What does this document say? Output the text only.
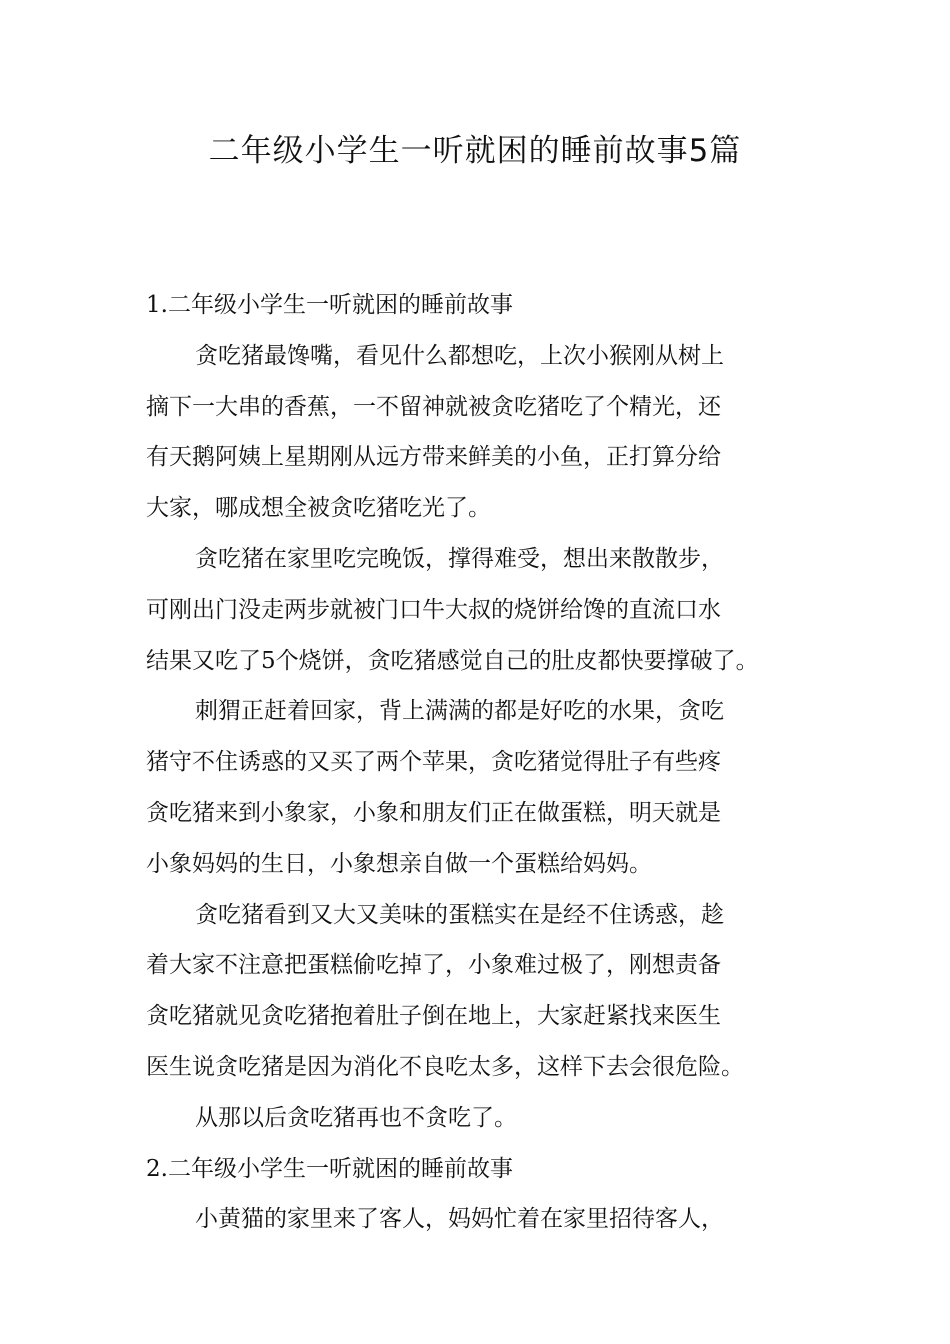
二年级小学生一听就困的睡前故事5篇
1.二年级小学生一听就困的睡前故事
贪吃猪最馋嘴，看见什么都想吃，上次小猴刚从树上
摘下一大串的香蕉，一不留神就被贪吃猪吃了个精光，还
有天鹅阿姨上星期刚从远方带来鲜美的小鱼，正打算分给
大家，哪成想全被贪吃猪吃光了。
贪吃猪在家里吃完晚饭，撑得难受，想出来散散步，
可刚出门没走两步就被门口牛大叔的烧饼给馋的直流口水
结果又吃了5个烧饼，贪吃猪感觉自己的肚皮都快要撑破了。
刺猬正赶着回家，背上满满的都是好吃的水果，贪吃
猪守不住诱惑的又买了两个苹果，贪吃猪觉得肚子有些疼
贪吃猪来到小象家，小象和朋友们正在做蛋糕，明天就是
小象妈妈的生日，小象想亲自做一个蛋糕给妈妈。
贪吃猪看到又大又美味的蛋糕实在是经不住诱惑，趁
着大家不注意把蛋糕偷吃掉了，小象难过极了，刚想责备
贪吃猪就见贪吃猪抱着肚子倒在地上，大家赶紧找来医生
医生说贪吃猪是因为消化不良吃太多，这样下去会很危险。
从那以后贪吃猪再也不贪吃了。
2.二年级小学生一听就困的睡前故事
小黄猫的家里来了客人，妈妈忙着在家里招待客人，
